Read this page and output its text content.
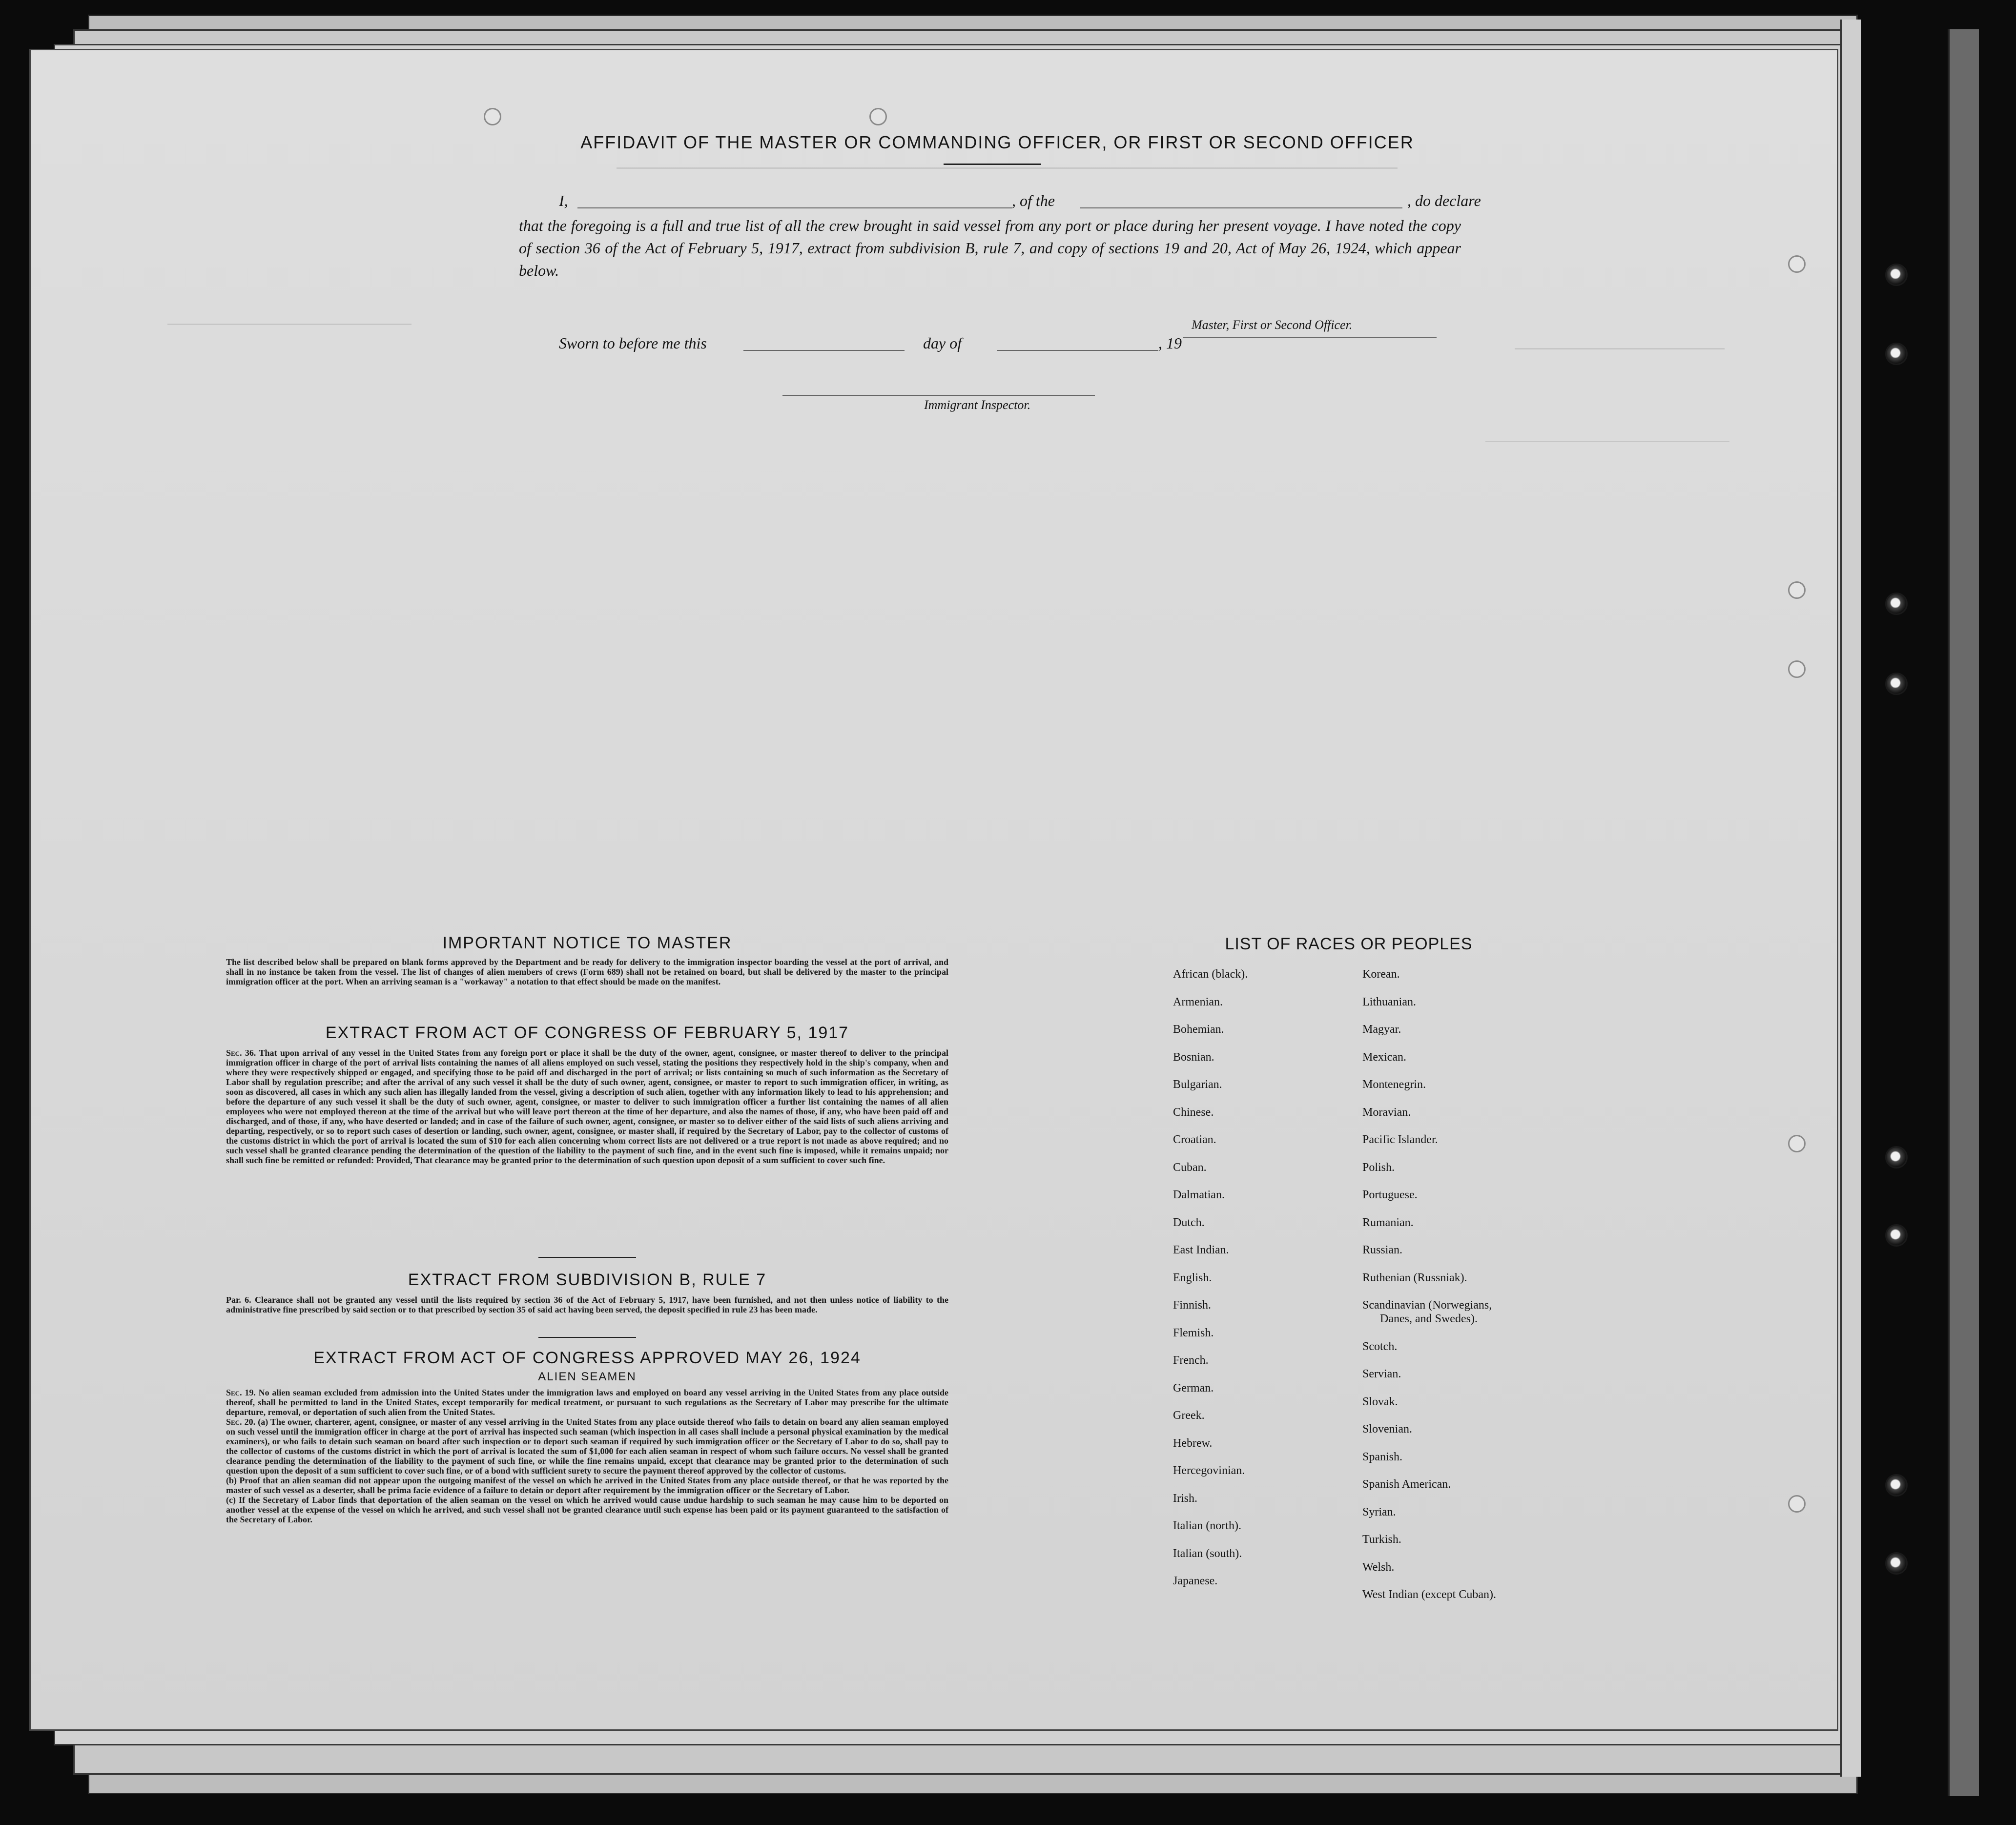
AFFIDAVIT OF THE MASTER OR COMMANDING OFFICER, OR FIRST OR SECOND OFFICER
I,	, of the	, do declare
that the foregoing is a full and true list of all the crew brought in said vessel from any port or place during her present voyage. I have noted the copy of section 36 of the Act of February 5, 1917, extract from subdivision B, rule 7, and copy of sections 19 and 20, Act of May 26, 1924, which appear below.
Master, First or Second Officer.
Sworn to before me this	day of	, 19
Immigrant Inspector.
IMPORTANT NOTICE TO MASTER
The list described below shall be prepared on blank forms approved by the Department and be ready for delivery to the immigration inspector boarding the vessel at the port of arrival, and shall in no instance be taken from the vessel. The list of changes of alien members of crews (Form 689) shall not be retained on board, but shall be delivered by the master to the principal immigration officer at the port. When an arriving seaman is a "workaway" a notation to that effect should be made on the manifest.
EXTRACT FROM ACT OF CONGRESS OF FEBRUARY 5, 1917
Sec. 36. That upon arrival of any vessel in the United States from any foreign port or place it shall be the duty of the owner, agent, consignee, or master thereof to deliver to the principal immigration officer in charge of the port of arrival lists containing the names of all aliens employed on such vessel, stating the positions they respectively hold in the ship's company, when and where they were respectively shipped or engaged, and specifying those to be paid off and discharged in the port of arrival; or lists containing so much of such information as the Secretary of Labor shall by regulation prescribe; and after the arrival of any such vessel it shall be the duty of such owner, agent, consignee, or master to report to such immigration officer, in writing, as soon as discovered, all cases in which any such alien has illegally landed from the vessel, giving a description of such alien, together with any information likely to lead to his apprehension; and before the departure of any such vessel it shall be the duty of such owner, agent, consignee, or master to deliver to such immigration officer a further list containing the names of all alien employees who were not employed thereon at the time of the arrival but who will leave port thereon at the time of her departure, and also the names of those, if any, who have been paid off and discharged, and of those, if any, who have deserted or landed; and in case of the failure of such owner, agent, consignee, or master so to deliver either of the said lists of such aliens arriving and departing, respectively, or so to report such cases of desertion or landing, such owner, agent, consignee, or master shall, if required by the Secretary of Labor, pay to the collector of customs of the customs district in which the port of arrival is located the sum of $10 for each alien concerning whom correct lists are not delivered or a true report is not made as above required; and no such vessel shall be granted clearance pending the determination of the question of the liability to the payment of such fine, and in the event such fine is imposed, while it remains unpaid; nor shall such fine be remitted or refunded: Provided, That clearance may be granted prior to the determination of such question upon deposit of a sum sufficient to cover such fine.
EXTRACT FROM SUBDIVISION B, RULE 7
Par. 6. Clearance shall not be granted any vessel until the lists required by section 36 of the Act of February 5, 1917, have been furnished, and not then unless notice of liability to the administrative fine prescribed by said section or to that prescribed by section 35 of said act having been served, the deposit specified in rule 23 has been made.
EXTRACT FROM ACT OF CONGRESS APPROVED MAY 26, 1924
ALIEN SEAMEN
Sec. 19. No alien seaman excluded from admission into the United States under the immigration laws and employed on board any vessel arriving in the United States from any place outside thereof, shall be permitted to land in the United States, except temporarily for medical treatment, or pursuant to such regulations as the Secretary of Labor may prescribe for the ultimate departure, removal, or deportation of such alien from the United States.
Sec. 20. (a) The owner, charterer, agent, consignee, or master of any vessel arriving in the United States from any place outside thereof who fails to detain on board any alien seaman employed on such vessel until the immigration officer in charge at the port of arrival has inspected such seaman (which inspection in all cases shall include a personal physical examination by the medical examiners), or who fails to detain such seaman on board after such inspection or to deport such seaman if required by such immigration officer or the Secretary of Labor to do so, shall pay to the collector of customs of the customs district in which the port of arrival is located the sum of $1,000 for each alien seaman in respect of whom such failure occurs. No vessel shall be granted clearance pending the determination of the liability to the payment of such fine, or while the fine remains unpaid, except that clearance may be granted prior to the determination of such question upon the deposit of a sum sufficient to cover such fine, or of a bond with sufficient surety to secure the payment thereof approved by the collector of customs.
(b) Proof that an alien seaman did not appear upon the outgoing manifest of the vessel on which he arrived in the United States from any place outside thereof, or that he was reported by the master of such vessel as a deserter, shall be prima facie evidence of a failure to detain or deport after requirement by the immigration officer or the Secretary of Labor.
(c) If the Secretary of Labor finds that deportation of the alien seaman on the vessel on which he arrived would cause undue hardship to such seaman he may cause him to be deported on another vessel at the expense of the vessel on which he arrived, and such vessel shall not be granted clearance until such expense has been paid or its payment guaranteed to the satisfaction of the Secretary of Labor.
LIST OF RACES OR PEOPLES
African (black).
Armenian.
Bohemian.
Bosnian.
Bulgarian.
Chinese.
Croatian.
Cuban.
Dalmatian.
Dutch.
East Indian.
English.
Finnish.
Flemish.
French.
German.
Greek.
Hebrew.
Hercegovinian.
Irish.
Italian (north).
Italian (south).
Japanese.
Korean.
Lithuanian.
Magyar.
Mexican.
Montenegrin.
Moravian.
Pacific Islander.
Polish.
Portuguese.
Rumanian.
Russian.
Ruthenian (Russniak).
Scandinavian (Norwegians,
Danes, and Swedes).
Scotch.
Servian.
Slovak.
Slovenian.
Spanish.
Spanish American.
Syrian.
Turkish.
Welsh.
West Indian (except Cuban).
